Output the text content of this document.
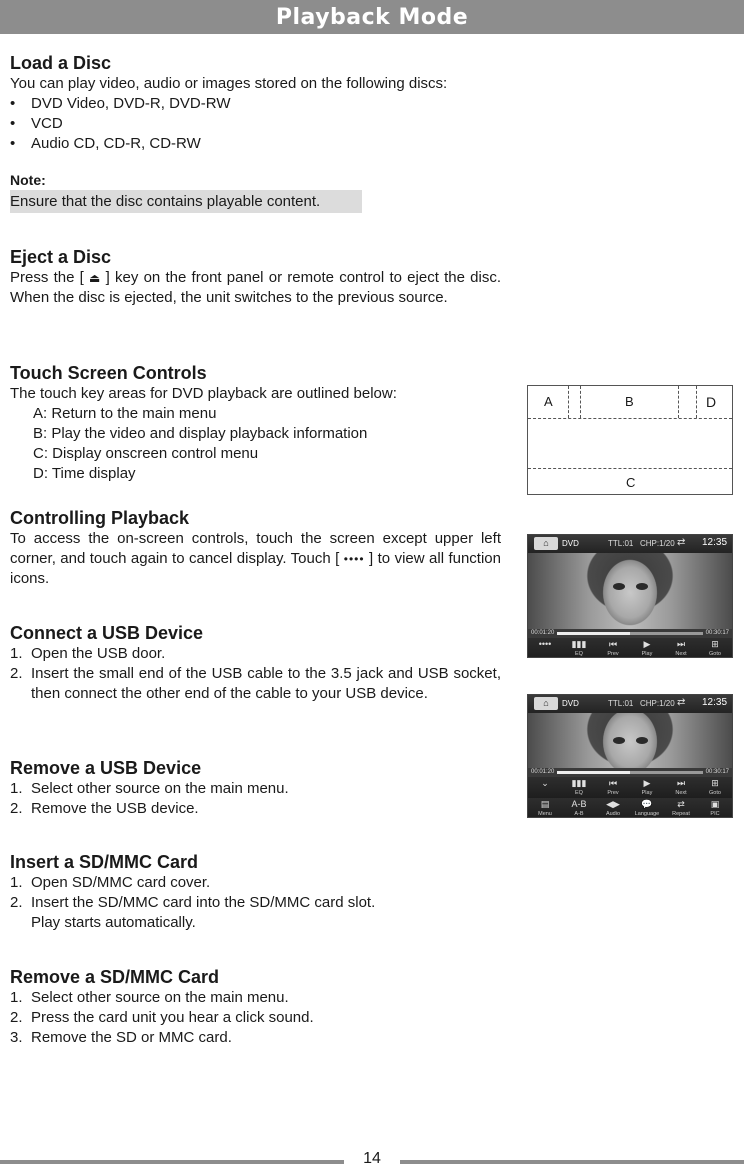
Playback Mode
Load a Disc

You can play video, audio or images stored on the following discs:

• DVD Video, DVD-R, DVD-RW
• VCD
• Audio CD, CD-R, CD-RW
Note:
Ensure that the disc contains playable content.
Eject a Disc

Press the [ ⏏ ] key on the front panel or remote control to eject the disc. When the disc is ejected, the unit switches to the previous source.

Touch Screen Controls

The touch key areas for DVD playback are outlined below:

A: Return to the main menu
B: Play the video and display playback information
C: Display onscreen control menu
D: Time display
A	B	D
C
Controlling Playback

To access the on-screen controls, touch the screen except upper left corner, and touch again to cancel display. Touch [ •••• ] to view all function icons.

⌂	DVD	TTL:01 CHP:1/20 ⇄ 12:35
00:01:20	00:30:17
••••	▮▮▮
EQ
⏮
Prev
▶
Play
⏭
Next
⊞
Goto
Connect a USB Device
1. Open the USB door.
2. Insert the small end of the USB cable to the 3.5 jack and USB socket, then connect the other end of the cable to your USB device.
⌂	DVD	TTL:01 CHP:1/20 ⇄ 12:35
00:01:20	00:30:17
⌄	▮▮▮
EQ
⏮
Prev
▶
Play
⏭
Next
⊞
Goto
▤
Menu
A-B
A-B
◀▶
Audio
💬
Language
⇄
Repeat
▣
PIC
Remove a USB Device
1. Select other source on the main menu.
2. Remove the USB device.
Insert a SD/MMC Card
1. Open SD/MMC card cover.
2. Insert the SD/MMC card into the SD/MMC card slot.
Play starts automatically.
Remove a SD/MMC Card
1. Select other source on the main menu.
2. Press the card unit you hear a click sound.
3. Remove the SD or MMC card.
14
